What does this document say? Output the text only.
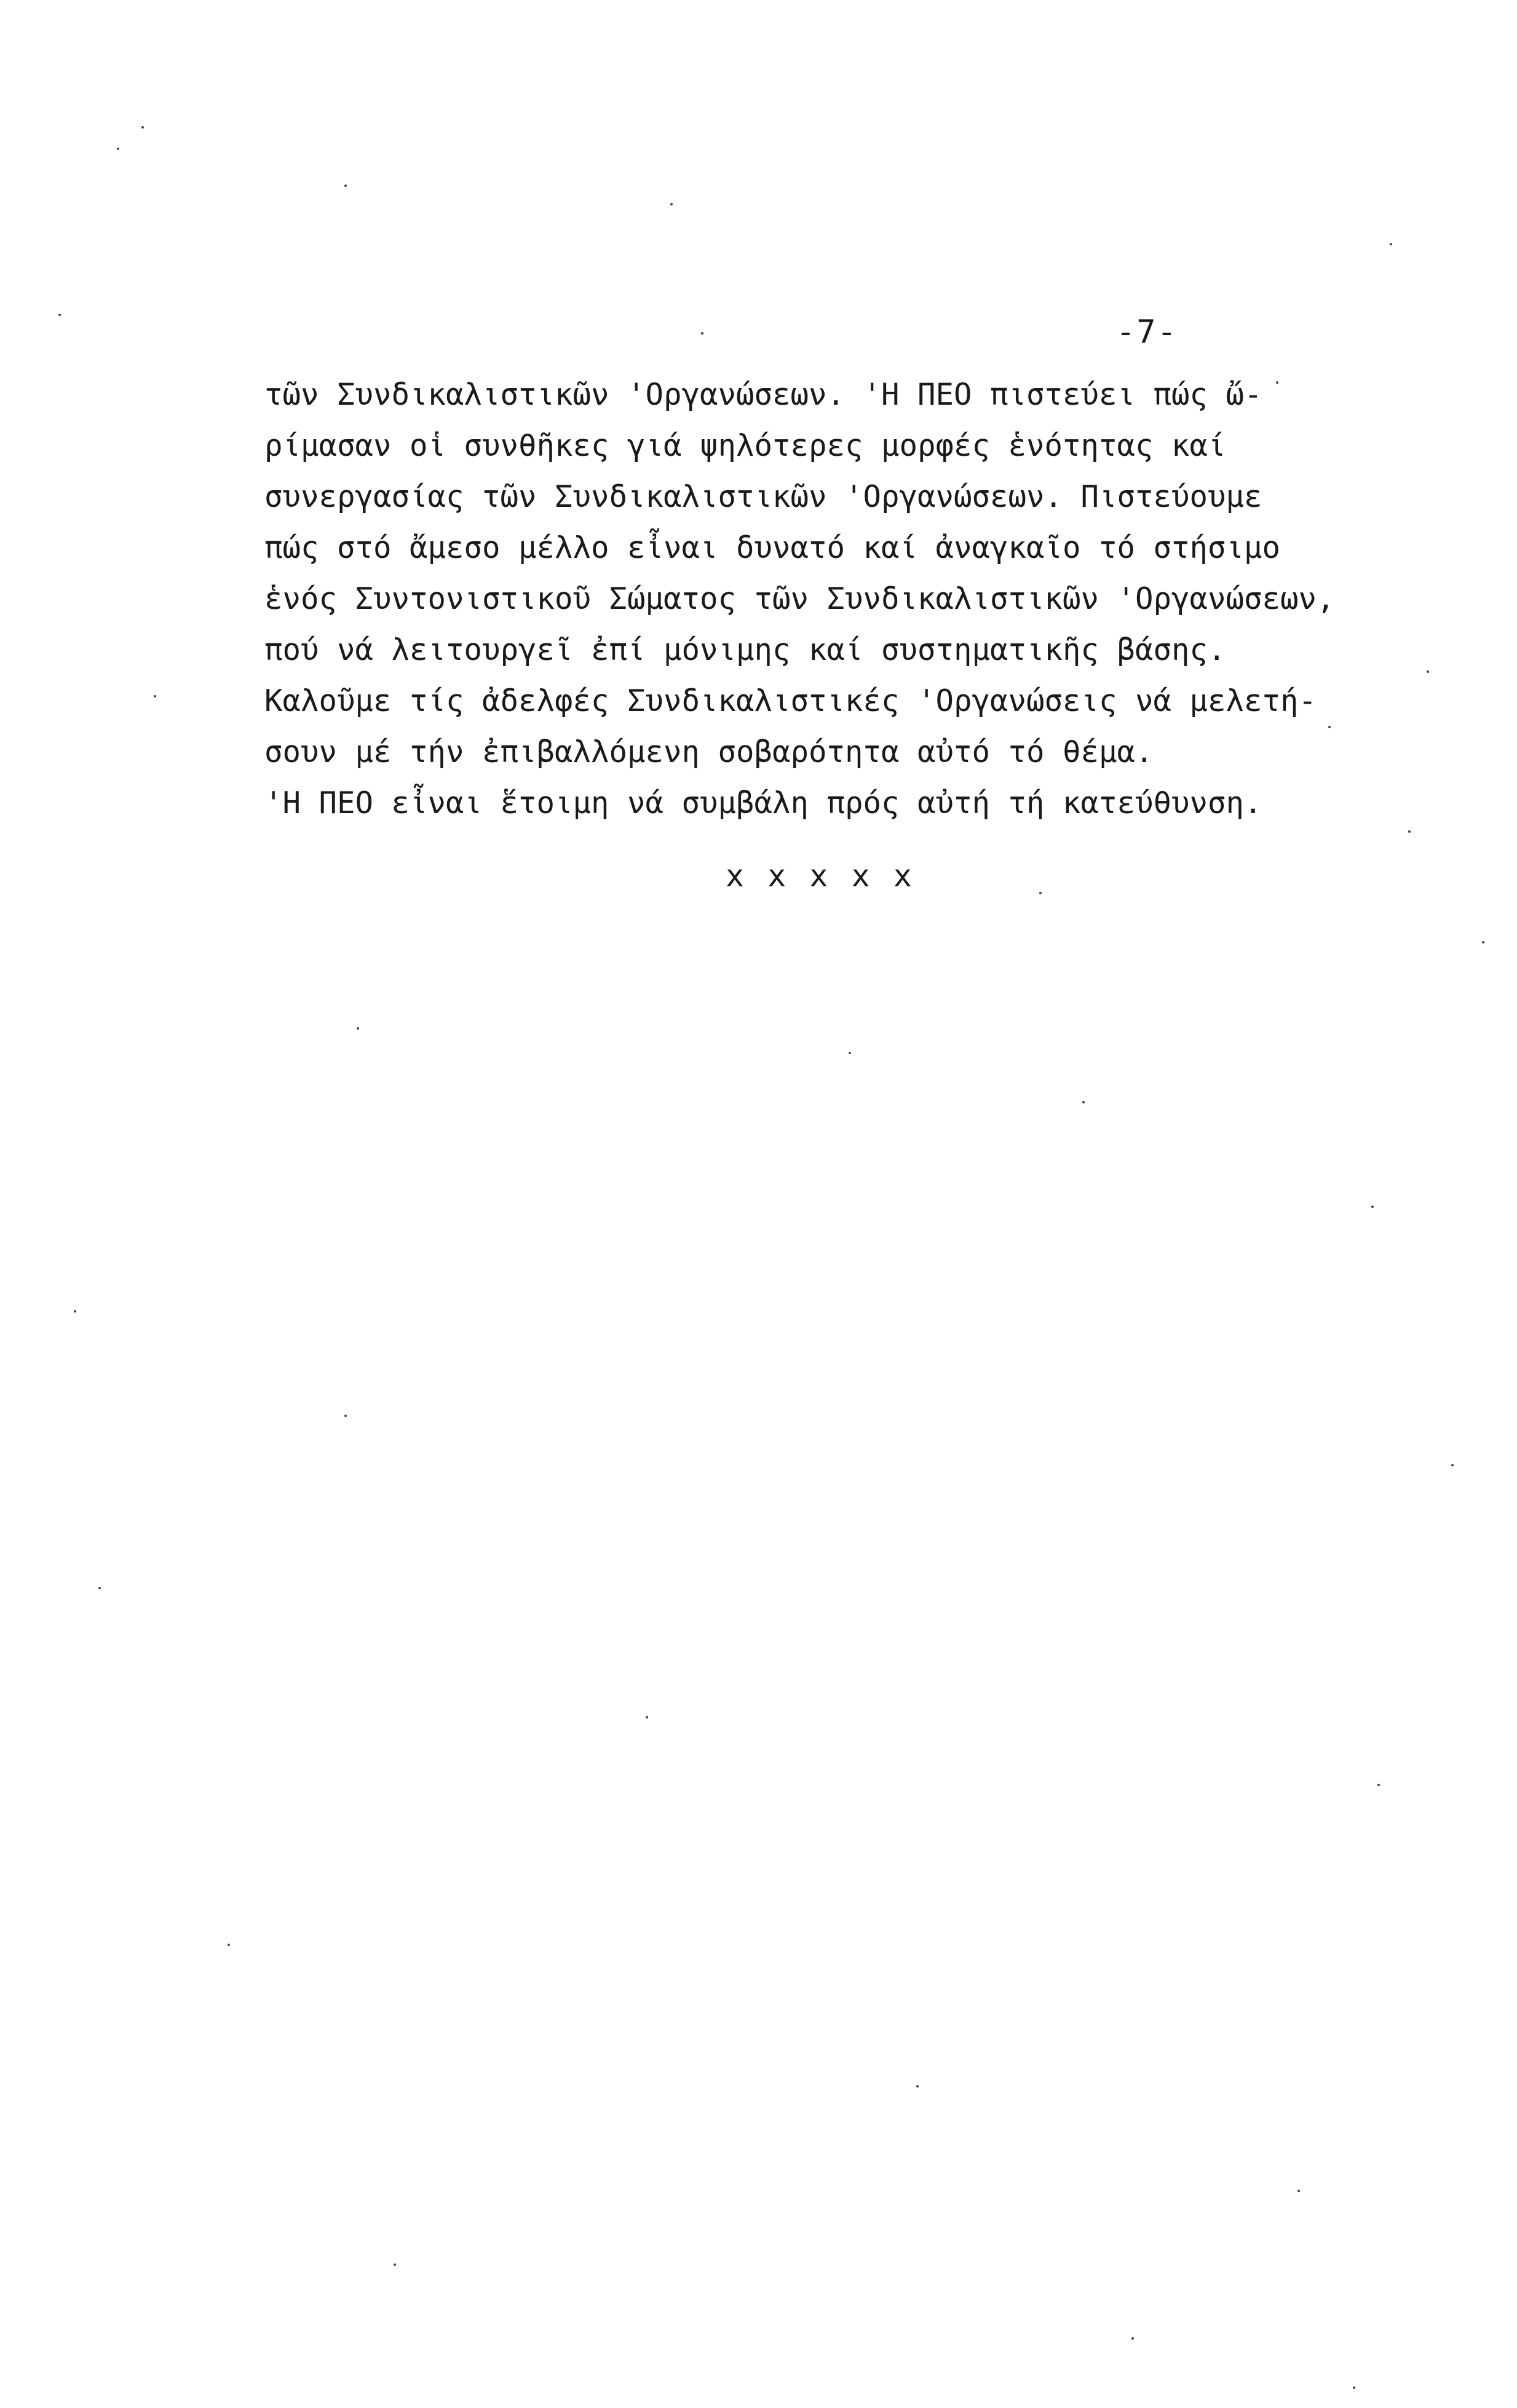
-7-
τῶν Συνδικαλιστικῶν 'Οργανώσεων. 'Η ΠΕΟ πιστεύει πώς ὤ-
ρίμασαν οἱ συνθῆκες γιά ψηλότερες μορφές ἑνότητας καί
συνεργασίας τῶν Συνδικαλιστικῶν 'Οργανώσεων. Πιστεύουμε
πώς στό ἄμεσο μέλλο εἶναι δυνατό καί ἀναγκαῖο τό στήσιμο
ἑνός Συντονιστικοῦ Σώματος τῶν Συνδικαλιστικῶν 'Οργανώσεων,
πού νά λειτουργεῖ ἐπί μόνιμης καί συστηματικῆς βάσης.
Καλοῦμε τίς ἀδελφές Συνδικαλιστικές 'Οργανώσεις νά μελετή-
σουν μέ τήν ἐπιβαλλόμενη σοβαρότητα αὐτό τό θέμα.
'Η ΠΕΟ εἶναι ἕτοιμη νά συμβάλη πρός αὐτή τή κατεύθυνση.
x x x x x
